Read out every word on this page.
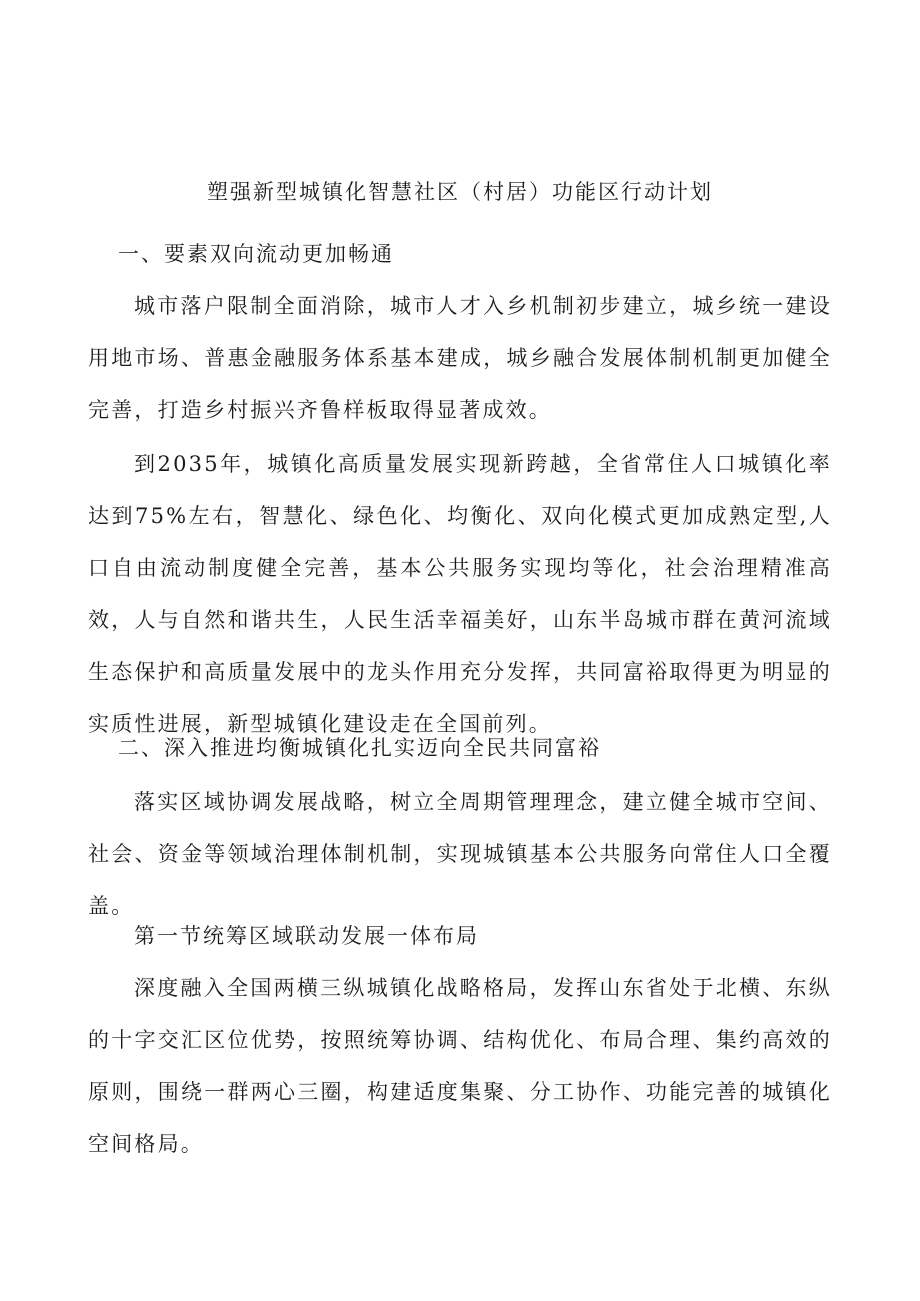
塑强新型城镇化智慧社区（村居）功能区行动计划
一、要素双向流动更加畅通

城市落户限制全面消除，城市人才入乡机制初步建立，城乡统一建设用地市场、普惠金融服务体系基本建成，城乡融合发展体制机制更加健全完善，打造乡村振兴齐鲁样板取得显著成效。

到2035年，城镇化高质量发展实现新跨越，全省常住人口城镇化率达到75%左右，智慧化、绿色化、均衡化、双向化模式更加成熟定型,人口自由流动制度健全完善，基本公共服务实现均等化，社会治理精准高效，人与自然和谐共生，人民生活幸福美好，山东半岛城市群在黄河流域生态保护和高质量发展中的龙头作用充分发挥，共同富裕取得更为明显的实质性进展，新型城镇化建设走在全国前列。

二、深入推进均衡城镇化扎实迈向全民共同富裕

落实区域协调发展战略，树立全周期管理理念，建立健全城市空间、社会、资金等领域治理体制机制，实现城镇基本公共服务向常住人口全覆盖。

第一节统筹区域联动发展一体布局

深度融入全国两横三纵城镇化战略格局，发挥山东省处于北横、东纵的十字交汇区位优势，按照统筹协调、结构优化、布局合理、集约高效的原则，围绕一群两心三圈，构建适度集聚、分工协作、功能完善的城镇化空间格局。
